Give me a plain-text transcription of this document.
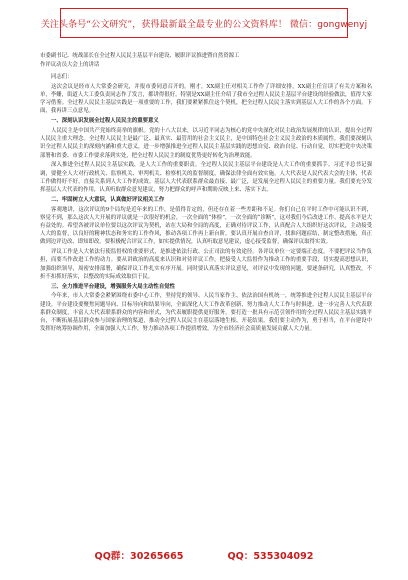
关注头条号“公文研究”，获得最新最全最专业的公文资料库！ 微信：gongwenyj
市委副书记、统战部长在全过程人民民主基层平台建设、履职评议推进暨自然资源工
作评议动员大会上的讲话

同志们：

这次会议是经市人大常委会研究，并报市委同意召开的。刚才，XX副主任对相关工作作了详细安排，XX副主任宣读了有关方案和名单，李姗，街道人大工委负责同志作了发言，都讲得很好。特别是XX副主任介绍了我市全过程人民民主基层平台建设的经验做法，值得大家学习借鉴。全过程人民民主基层实践是一项重要的工作，我们要紧紧抓住这个契机，把全过程人民民主落实到基层人大工作的各个方面。下面，我再讲三点意见。

一、深刻认识发展全过程人民民主的重要意义

人民民主是中国共产党始终高举的旗帜。党的十八大以来，以习近平同志为核心的党中央深化对民主政治发展规律的认识，提出全过程人民民主重大理念。全过程人民民主是最广泛、最真实、最管用的社会主义民主，是中国特色社会主义民主政治的本质属性。我们要深刻认识全过程人民民主的深刻内涵和重大意义，进一步增强推进全过程人民民主基层实践的思想自觉、政治自觉、行动自觉，切实把党中央决策部署和省委、市委工作要求落到实处，把全过程人民民主的制度优势更好转化为治理效能。

深入推进全过程人民民主基层实践，是人大工作的重要职责。全过程人民民主基层平台建设是人大工作的重要抓手。习近平总书记强调，要健全人大对行政机关、监察机关、审判机关、检察机关的监督制度，确保法律全面有效实施。人大代表是人民代表大会的主体，代表工作做得好不好，直接关系到人大工作的成效。基层人大代表联系群众最直接、最广泛，是发展全过程人民民主的重要力量。我们要充分发挥基层人大代表的作用，认真听取群众意见建议，努力把群众的呼声和期盼反映上来、落实下去。

二、牢固树立人大意识，认真做好评议相关工作

客观地讲，这次评议的9个局均是近年来的工作，是值得肯定的，但还存在着一些差距和不足。你们自己在平时工作中可能认识不到，察觉不到，那么这次人大开展的评议就是一次很好的机会，一次全面的“体检”，一次全面的“诊断”，这对我们今后改进工作、提高水平是大有益处的。希望各被评议单位要以这次评议为契机，站在大局和全局的高度，正确对待评议工作，认真配合人大组织好这次评议，主动接受人大的监督，以良好的精神状态和务实的工作作风，推动各项工作再上新台阶。要认真开展自查自评，找准问题症结，制定整改措施，真正做到边评边改、即知即改。要积极配合评议工作，如实提供情况，认真听取意见建议，虚心接受监督，确保评议取得实效。

评议工作是人大依法行使监督权的重要形式，是推进依法行政、公正司法的有效途径。各评议单位一定要端正态度，不要把评议当作负担，而要当作改进工作的动力。要从讲政治的高度来认识和对待评议工作，把接受人大监督作为推动工作的重要手段，切实提高思想认识，加强组织领导，周密安排部署，确保评议工作扎实有序开展。同时要认真落实评议意见，对评议中发现的问题，要逐条研究，认真整改，不折不扣抓好落实，以整改的实际成效取信于民。

三、全力推进平台建设，增强服务大局主动性自觉性

今年来，市人大常委会紧紧围绕市委中心工作，坚持党的领导、人民当家作主、依法治国有机统一，统筹推进全过程人民民主基层平台建设。平台建设要聚焦问题导向、目标导向和结果导向，全面深化人大工作改革创新，努力推动人大工作与时俱进，进一步完善人大代表联系群众制度，丰富人大代表联系群众的内容和形式，为代表履职提供更好服务。要打造一批具有示范引领作用的全过程人民民主基层实践平台，不断拓展基层群众参与国家治理的渠道，推动全过程人民民主在基层落地生根、开花结果。我们要主动作为，勇于担当，在平台建设中发挥好统筹协调作用，全面加强人大工作，努力推动各项工作提质增效，为全市经济社会高质量发展贡献人大力量。

QQ群：30265665	QQ：535304092
